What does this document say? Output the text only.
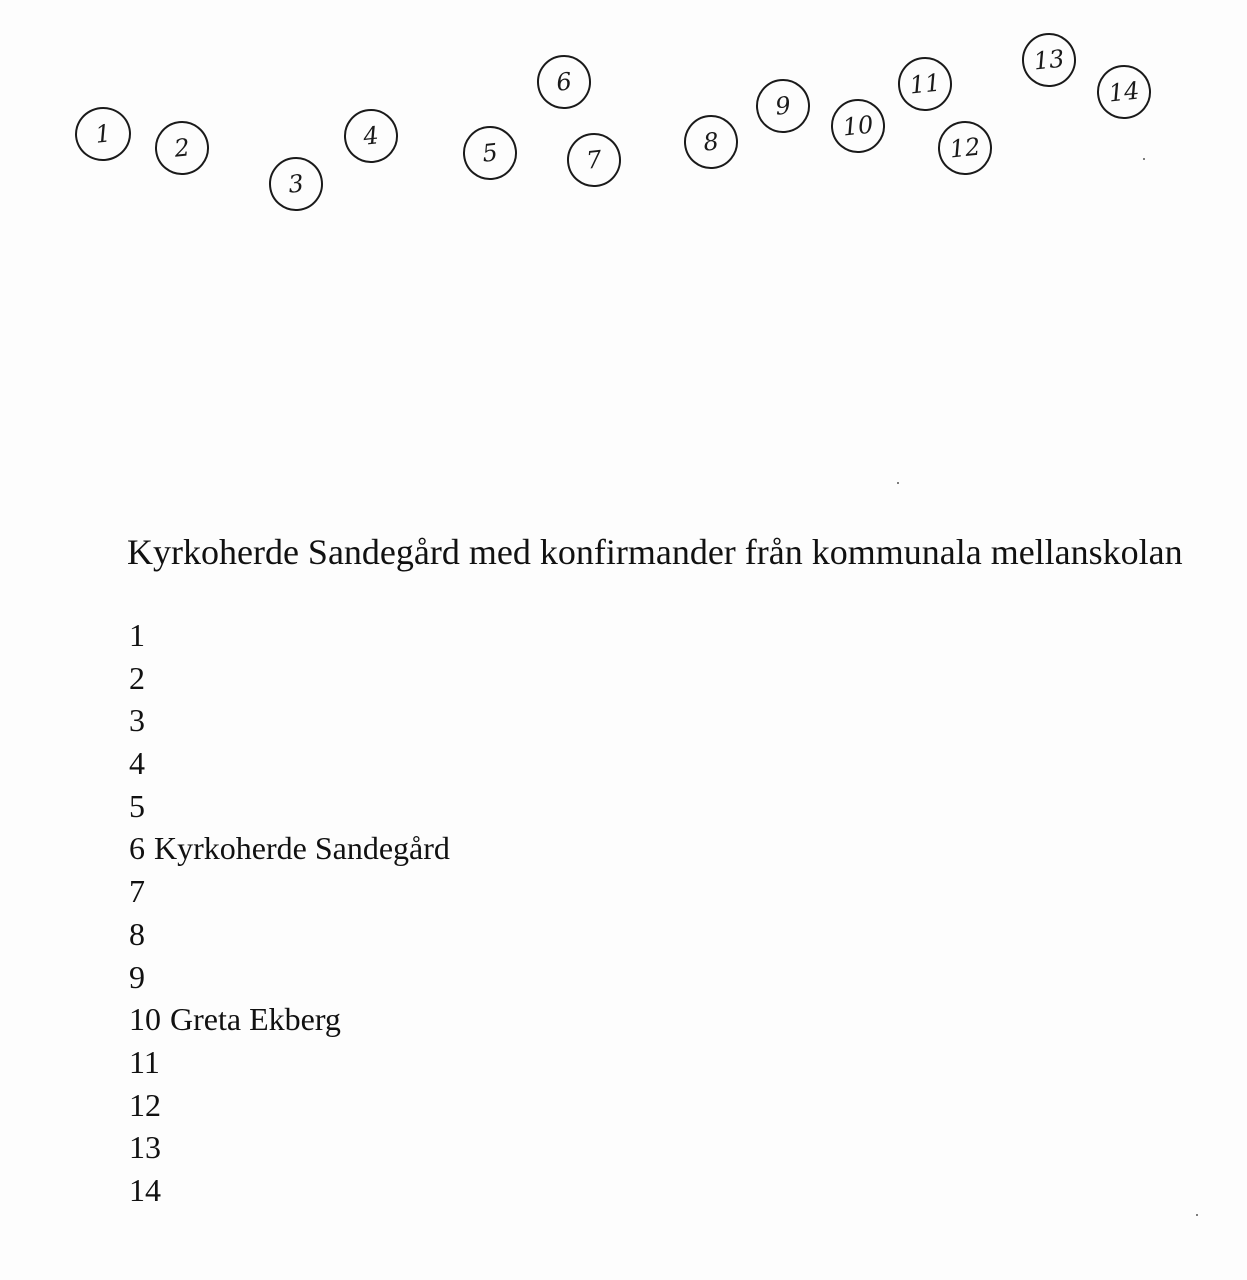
1	2
3
4
5
6
7
8
9
10
11
12
13
14
Kyrkoherde Sandegård med konfirmander från kommunala mellanskolan
1
2
3
4
5
6 Kyrkoherde Sandegård
7
8
9
10 Greta Ekberg
11
12
13
14
